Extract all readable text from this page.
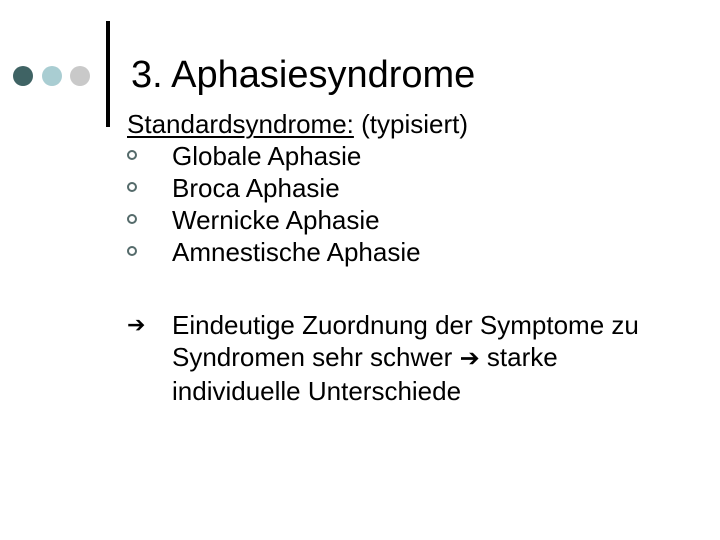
3. Aphasiesyndrome
Standardsyndrome: (typisiert)
Globale Aphasie
Broca Aphasie
Wernicke Aphasie
Amnestische Aphasie
➔ Eindeutige Zuordnung der Symptome zu Syndromen sehr schwer ➔ starke individuelle Unterschiede
